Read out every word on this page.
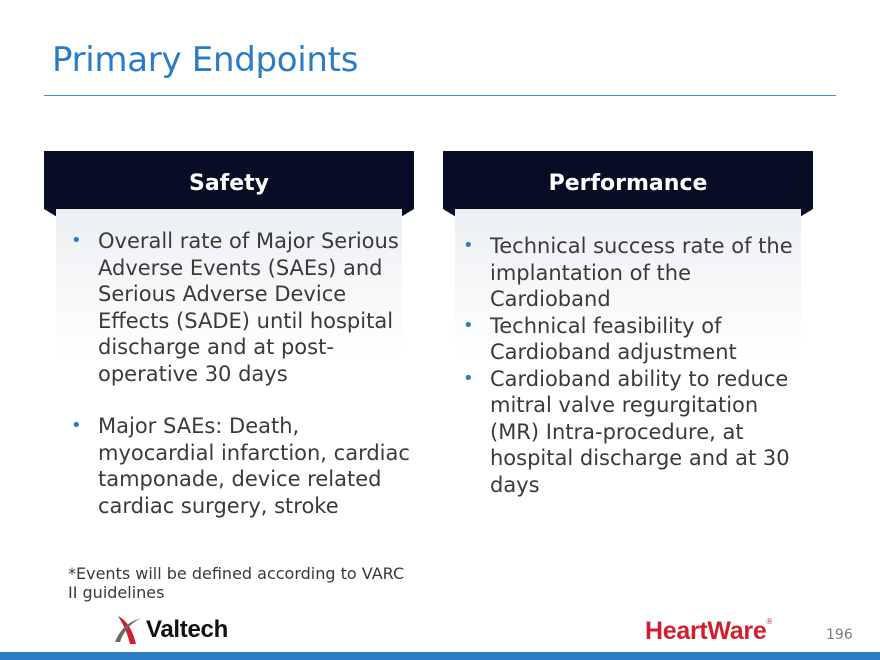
Primary Endpoints
Safety	Performance
• Overall rate of Major Serious Adverse Events (SAEs) and Serious Adverse Device Effects (SADE) until hospital discharge and at post-operative 30 days
• Major SAEs: Death, myocardial infarction, cardiac tamponade, device related cardiac surgery, stroke
• Technical success rate of the implantation of the Cardioband
• Technical feasibility of Cardioband adjustment
• Cardioband ability to reduce mitral valve regurgitation (MR) Intra-procedure, at hospital discharge and at 30 days
*Events will be defined according to VARC II guidelines
Valtech	HeartWare®
196
